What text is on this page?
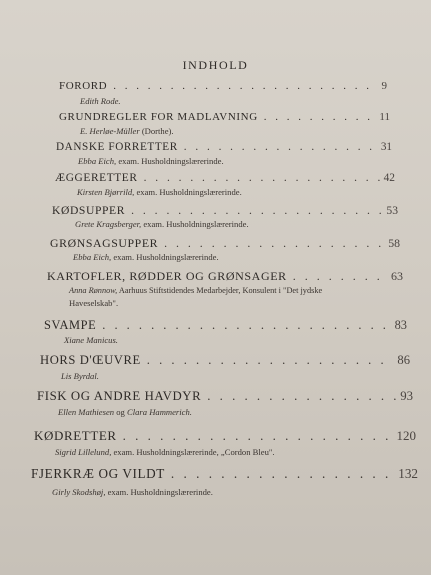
INDHOLD
FORORD . . .	9
Edith Rode.
GRUNDREGLER FOR MADLAVNING . . .	11
E. Herløe-Müller (Dorthe).
DANSKE FORRETTER . . .	31
Ebba Eich, exam. Husholdningslærerinde.
ÆGGERETTER . . .	42
Kirsten Bjørrild, exam. Husholdningslærerinde.
KØDSUPPER . . .	53
Grete Kragsberger, exam. Husholdningslærerinde.
GRØNSAGSUPPER . . .	58
Ebba Eich, exam. Husholdningslærerinde.
KARTOFLER, RØDDER OG GRØNSAGER . . .	63
Anna Rønnow, Aarhuus Stiftstidendes Medarbejder, Konsulent i "Det jydske
Haveselskab".
SVAMPE . . .	83
Xiane Manicus.
HORS D'ŒUVRE . . .	86
Lis Byrdal.
FISK OG ANDRE HAVDYR . . .	93
Ellen Mathiesen og Clara Hammerich.
KØDRETTER . . .	120
Sigrid Lillelund, exam. Husholdningslærerinde, „Cordon Bleu".
FJERKRÆ OG VILDT . . .	132
Girly Skodshøj, exam. Husholdningslærerinde.
